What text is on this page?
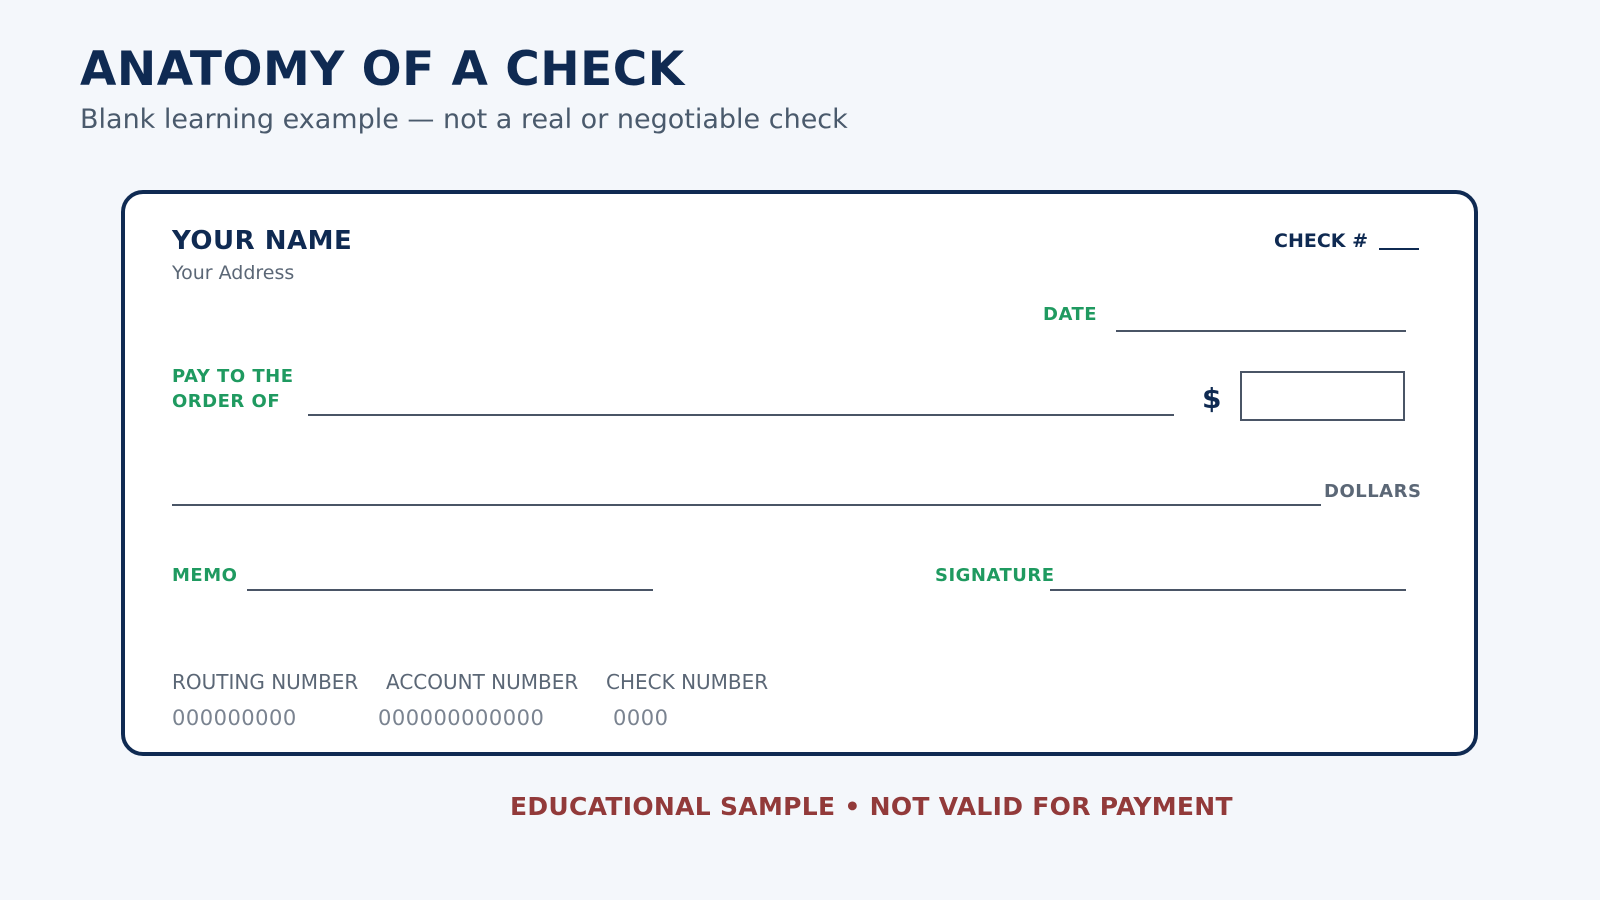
ANATOMY OF A CHECK
Blank learning example — not a real or negotiable check
YOUR NAME
Your Address
CHECK #
DATE
PAY TO THE
ORDER OF	$
DOLLARS
MEMO	SIGNATURE
ROUTING NUMBER ACCOUNT NUMBER CHECK NUMBER
000000000	000000000000	0000
EDUCATIONAL SAMPLE • NOT VALID FOR PAYMENT
